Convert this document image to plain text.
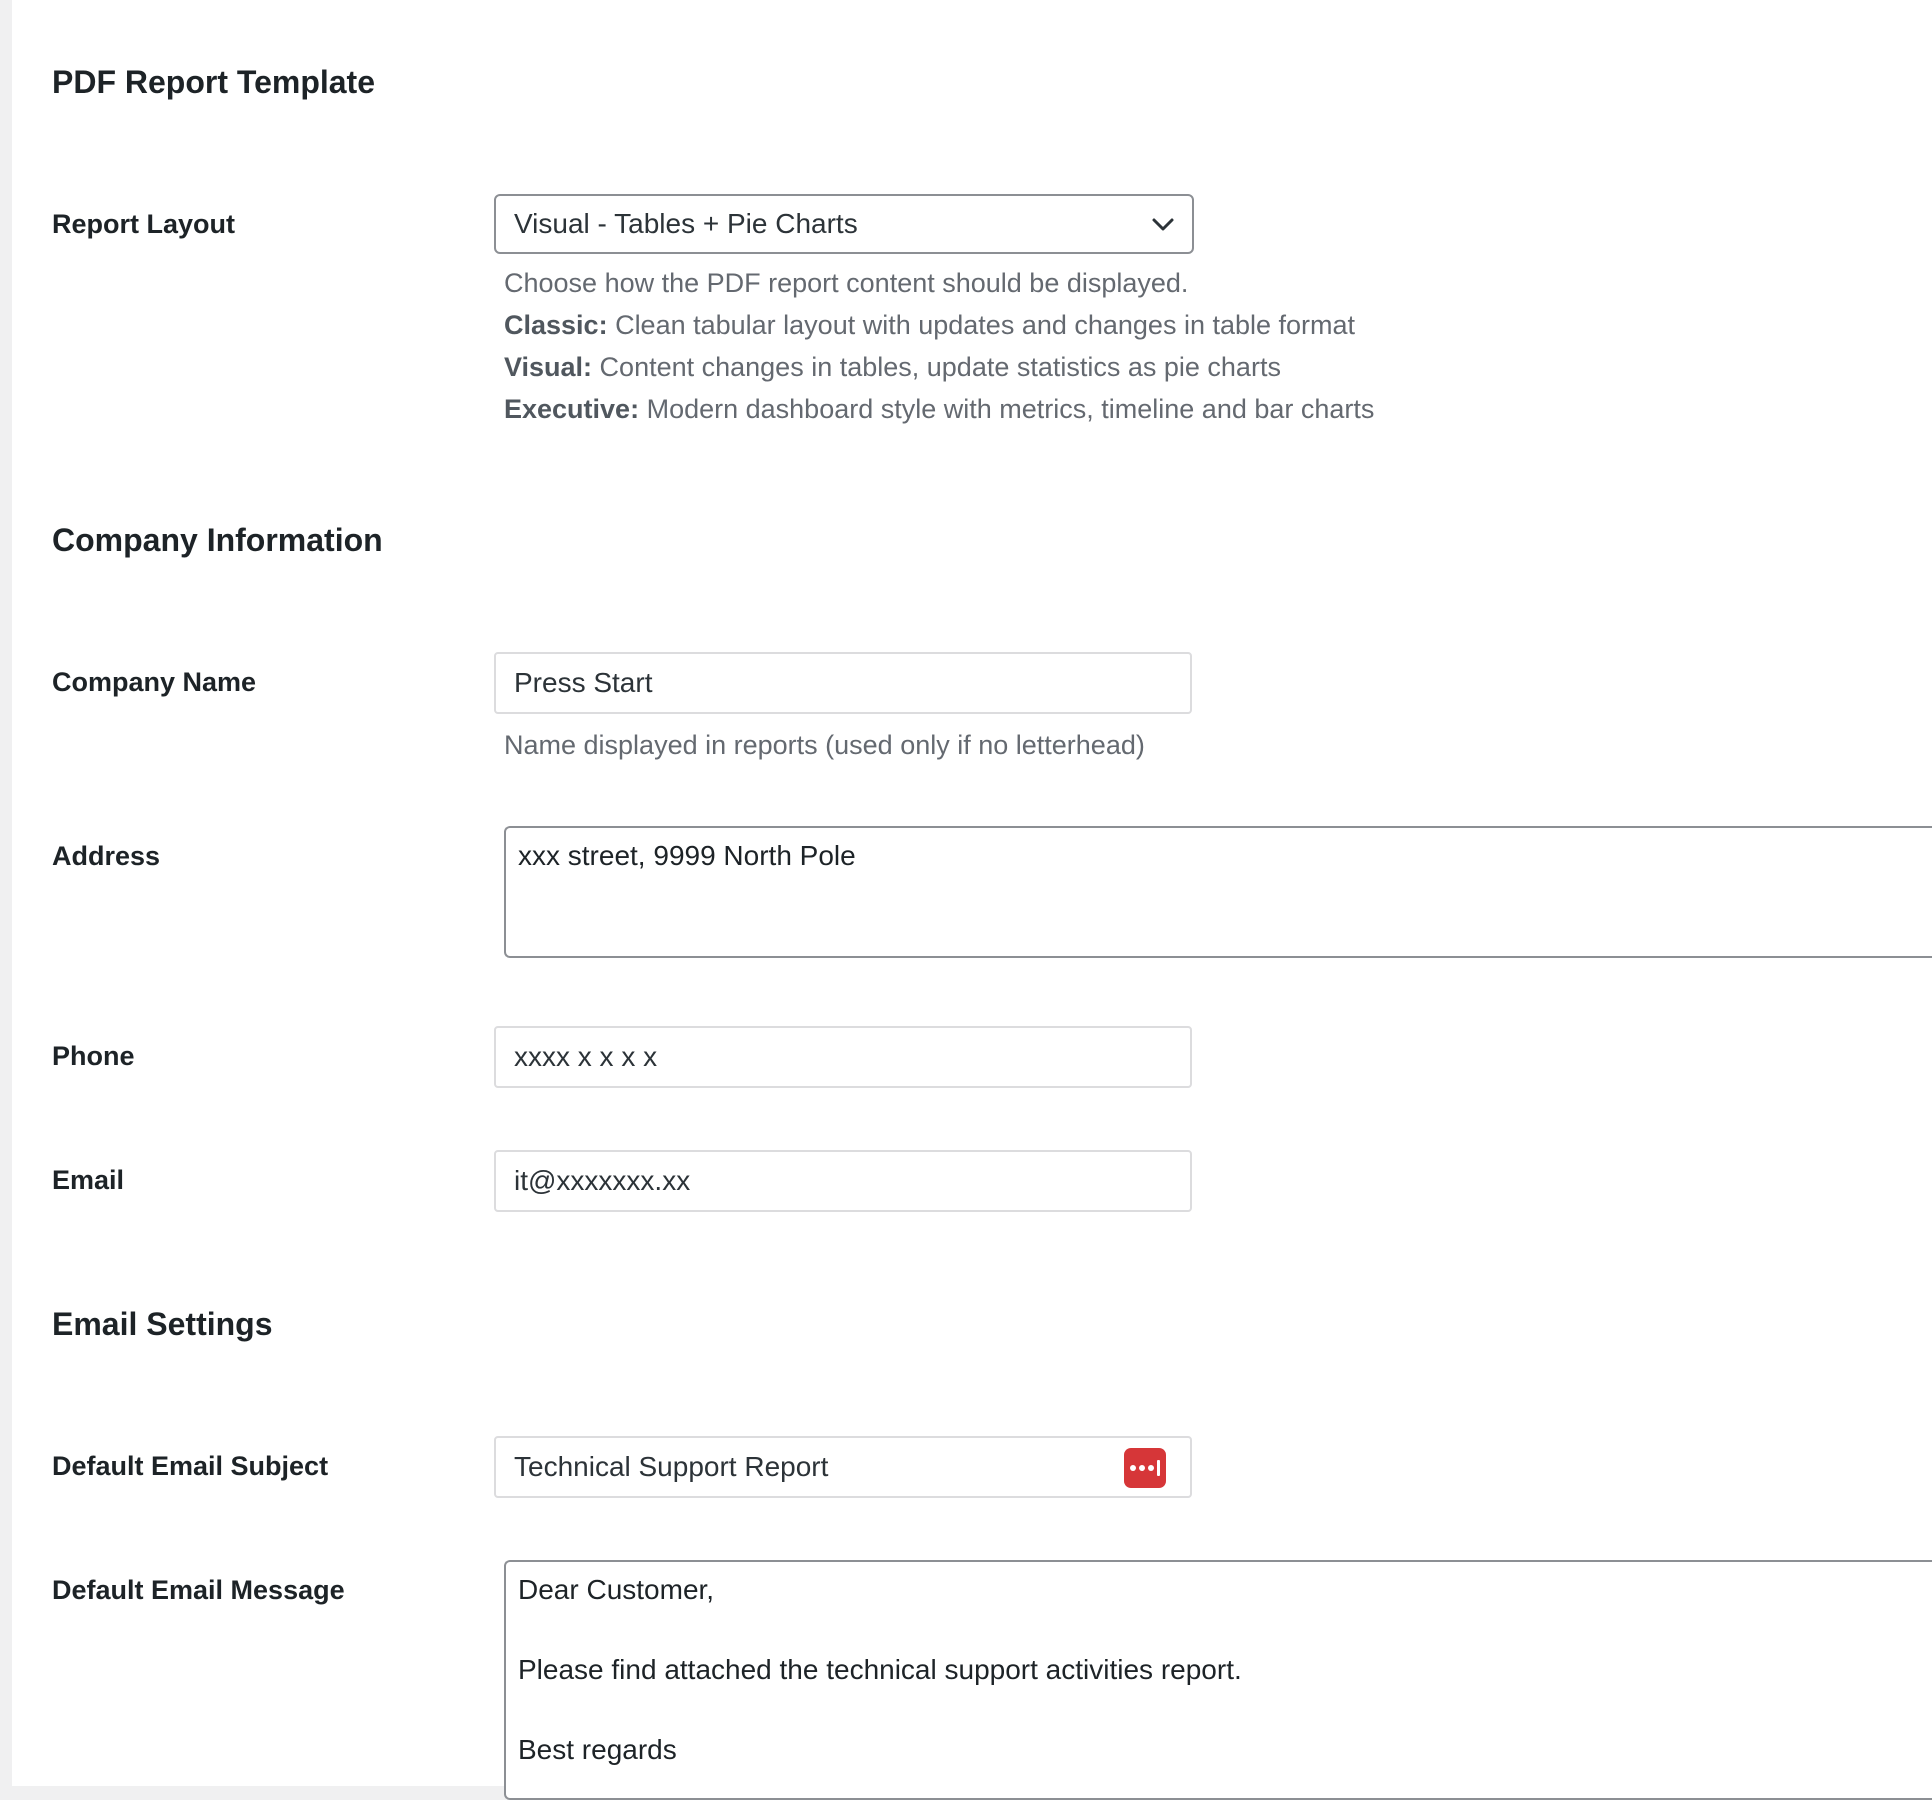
PDF Report Template
Report Layout	Visual - Tables + Pie Charts

Choose how the PDF report content should be displayed.

Classic: Clean tabular layout with updates and changes in table format

Visual: Content changes in tables, update statistics as pie charts

Executive: Modern dashboard style with metrics, timeline and bar charts

Company Information
Company Name	Press Start

Name displayed in reports (used only if no letterhead)

Address	xxx street, 9999 North Pole
Phone	xxxx x x x x
Email	it@xxxxxxx.xx
Email Settings
Default Email Subject	Technical Support Report
Default Email Message	Dear Customer,
Please find attached the technical support activities report.
Best regards
